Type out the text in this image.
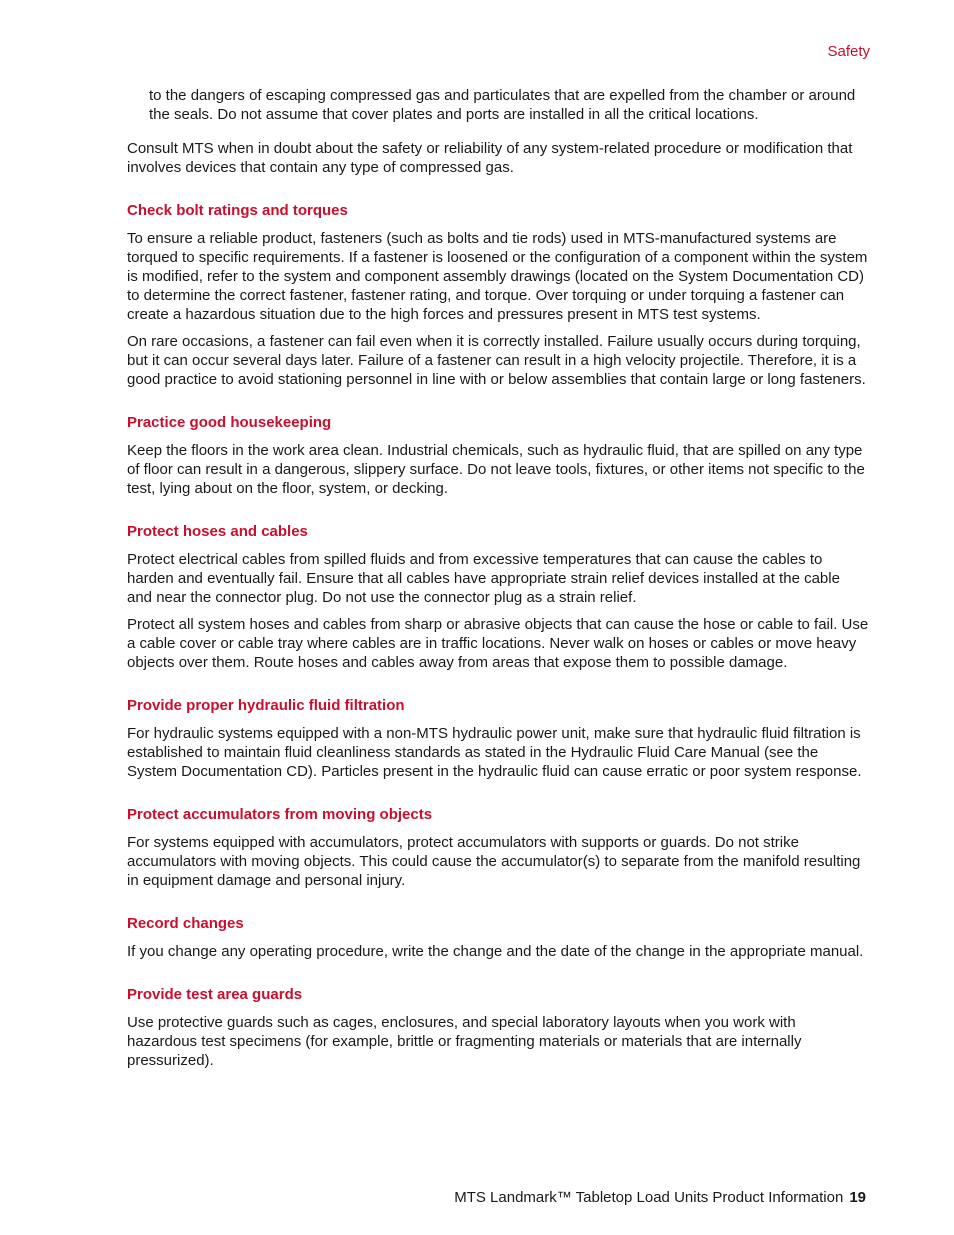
Safety

to the dangers of escaping compressed gas and particulates that are expelled from the chamber or around the seals. Do not assume that cover plates and ports are installed in all the critical locations.

Consult MTS when in doubt about the safety or reliability of any system-related procedure or modification that involves devices that contain any type of compressed gas.

Check bolt ratings and torques

To ensure a reliable product, fasteners (such as bolts and tie rods) used in MTS-manufactured systems are torqued to specific requirements. If a fastener is loosened or the configuration of a component within the system is modified, refer to the system and component assembly drawings (located on the System Documentation CD) to determine the correct fastener, fastener rating, and torque. Over torquing or under torquing a fastener can create a hazardous situation due to the high forces and pressures present in MTS test systems.

On rare occasions, a fastener can fail even when it is correctly installed. Failure usually occurs during torquing, but it can occur several days later. Failure of a fastener can result in a high velocity projectile. Therefore, it is a good practice to avoid stationing personnel in line with or below assemblies that contain large or long fasteners.

Practice good housekeeping

Keep the floors in the work area clean. Industrial chemicals, such as hydraulic fluid, that are spilled on any type of floor can result in a dangerous, slippery surface. Do not leave tools, fixtures, or other items not specific to the test, lying about on the floor, system, or decking.

Protect hoses and cables

Protect electrical cables from spilled fluids and from excessive temperatures that can cause the cables to harden and eventually fail. Ensure that all cables have appropriate strain relief devices installed at the cable and near the connector plug. Do not use the connector plug as a strain relief.

Protect all system hoses and cables from sharp or abrasive objects that can cause the hose or cable to fail. Use a cable cover or cable tray where cables are in traffic locations. Never walk on hoses or cables or move heavy objects over them. Route hoses and cables away from areas that expose them to possible damage.

Provide proper hydraulic fluid filtration

For hydraulic systems equipped with a non-MTS hydraulic power unit, make sure that hydraulic fluid filtration is established to maintain fluid cleanliness standards as stated in the Hydraulic Fluid Care Manual (see the System Documentation CD). Particles present in the hydraulic fluid can cause erratic or poor system response.

Protect accumulators from moving objects

For systems equipped with accumulators, protect accumulators with supports or guards. Do not strike accumulators with moving objects. This could cause the accumulator(s) to separate from the manifold resulting in equipment damage and personal injury.

Record changes

If you change any operating procedure, write the change and the date of the change in the appropriate manual.

Provide test area guards

Use protective guards such as cages, enclosures, and special laboratory layouts when you work with hazardous test specimens (for example, brittle or fragmenting materials or materials that are internally pressurized).

MTS Landmark™ Tabletop Load Units Product Information 19
